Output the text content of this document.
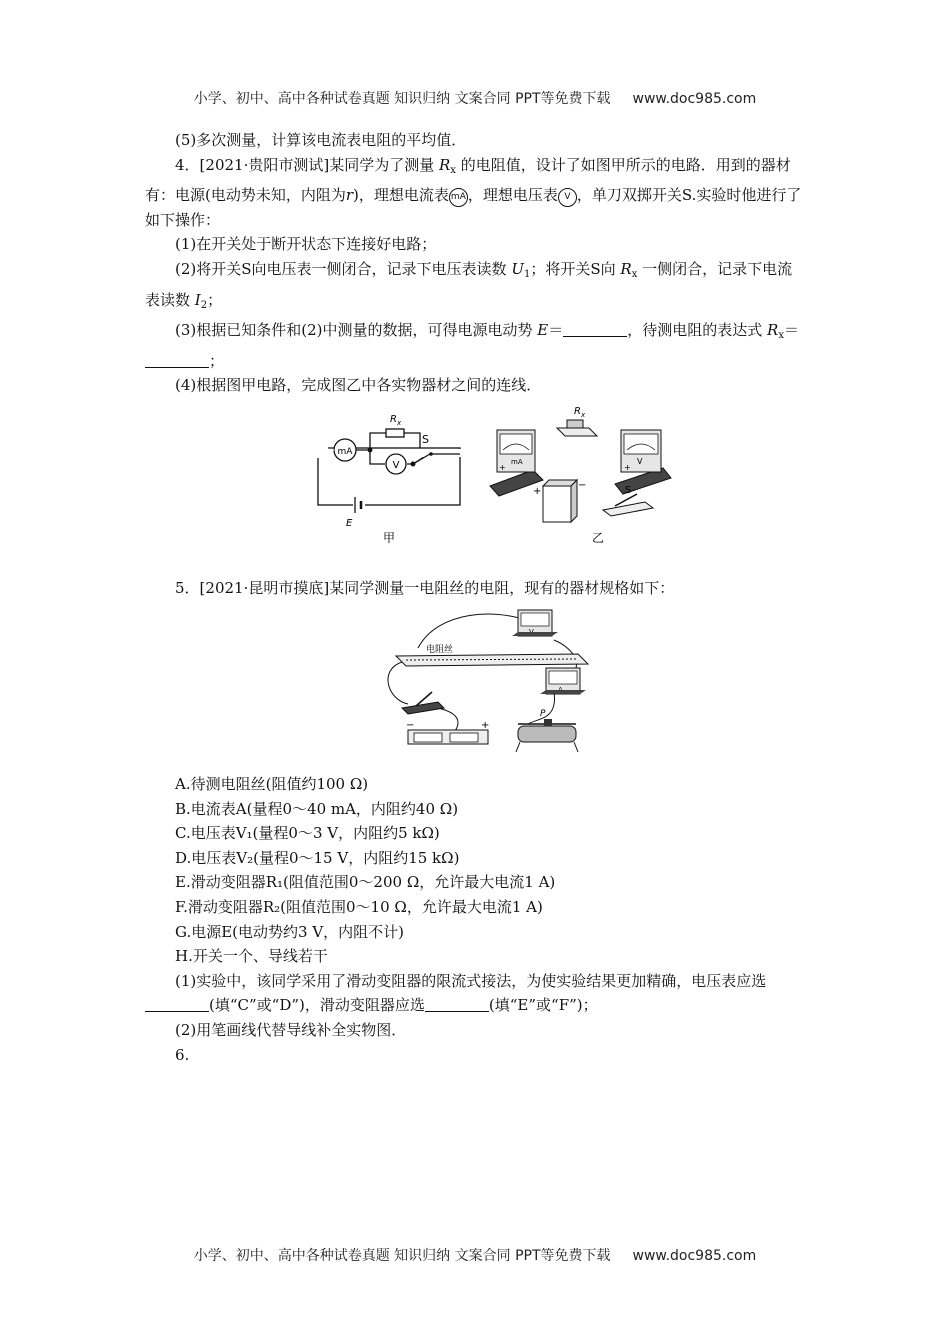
小学、初中、高中各种试卷真题 知识归纳 文案合同 PPT等免费下载 www.doc985.com

(5)多次测量，计算该电流表电阻的平均值．

4．[2021·贵阳市测试]某同学为了测量 $R_x$ 的电阻值，设计了如图甲所示的电路．用到的器材有：电源(电动势未知，内阻为r)，理想电流表 mA ，理想电压表 V ，单刀双掷开关S.实验时他进行了如下操作：

(1)在开关处于断开状态下连接好电路；

(2)将开关S向电压表一侧闭合，记录下电压表读数 $U_1$；将开关S向 $R_x$ 一侧闭合，记录下电流表读数 $I_2$；

(3)根据已知条件和(2)中测量的数据，可得电源电动势 E＝	，待测电阻的表达式 $R_x=$；

(4)根据图甲电路，完成图乙中各实物器材之间的连线．

mA
V
S
R x
E
甲
R x
mA
+
V
+
+
−	S
乙

5．[2021·昆明市摸底]某同学测量一电阻丝的电阻，现有的器材规格如下：

电阻丝
−	+
P

A.待测电阻丝(阻值约100 Ω)

B.电流表A(量程0～40 mA，内阻约40 Ω)

C.电压表V₁(量程0～3 V，内阻约5 kΩ)

D.电压表V₂(量程0～15 V，内阻约15 kΩ)

E.滑动变阻器R₁(阻值范围0～200 Ω，允许最大电流1 A)

F.滑动变阻器R₂(阻值范围0～10 Ω，允许最大电流1 A)

G.电源E(电动势约3 V，内阻不计)

H.开关一个、导线若干

(1)实验中，该同学采用了滑动变阻器的限流式接法，为使实验结果更加精确，电压表应选(填“C”或“D”)，滑动变阻器应选	(填“E”或“F”)；

(2)用笔画线代替导线补全实物图．

6.

小学、初中、高中各种试卷真题 知识归纳 文案合同 PPT等免费下载 www.doc985.com
